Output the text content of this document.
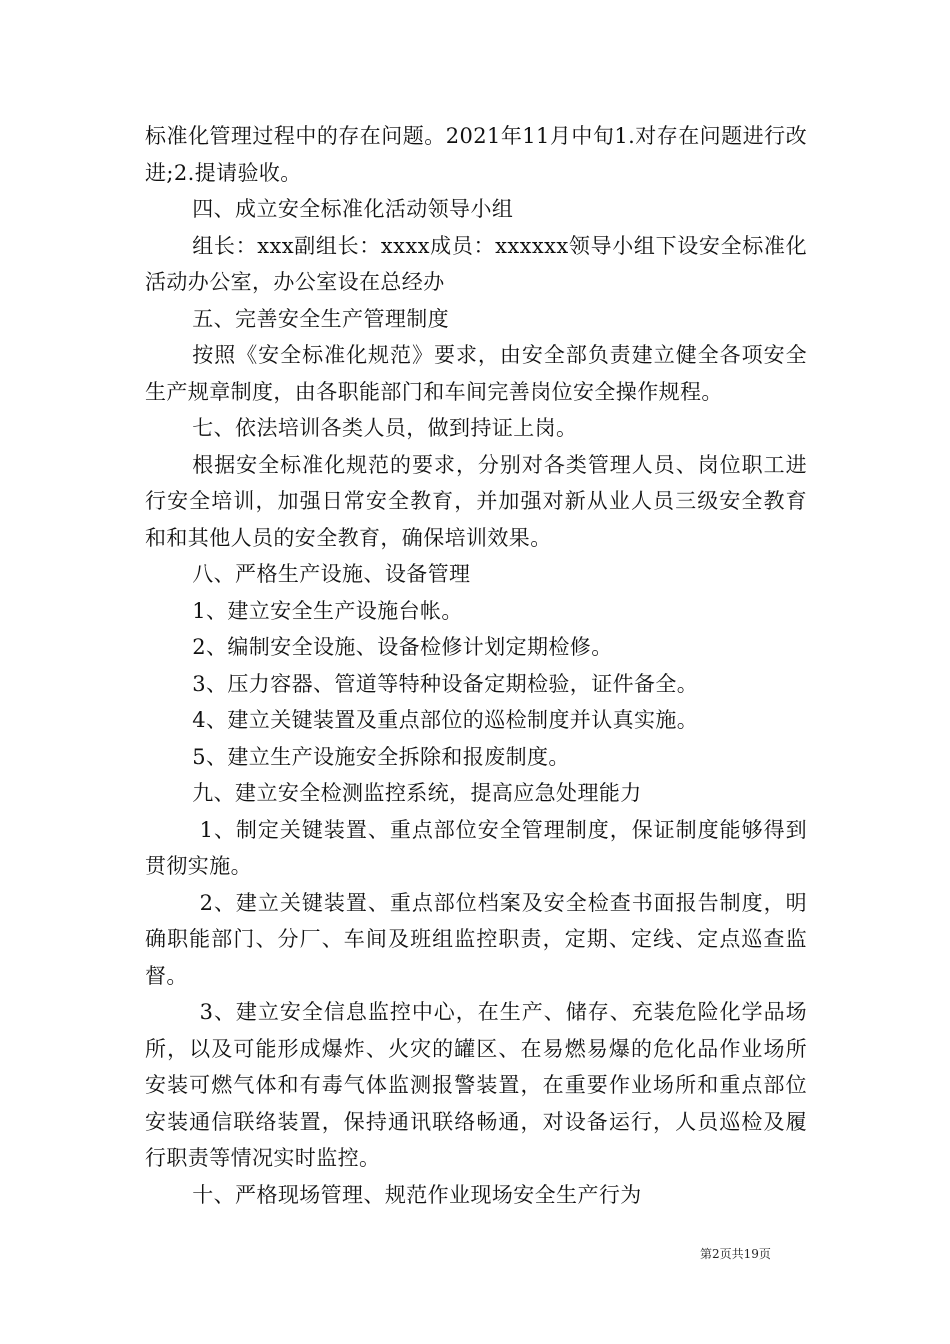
标准化管理过程中的存在问题。2021年11月中旬1.对存在问题进行改进;2.提请验收。

四、成立安全标准化活动领导小组

组长：xxx副组长：xxxx成员：xxxxxx领导小组下设安全标准化活动办公室，办公室设在总经办

五、完善安全生产管理制度

按照《安全标准化规范》要求，由安全部负责建立健全各项安全生产规章制度，由各职能部门和车间完善岗位安全操作规程。

七、依法培训各类人员，做到持证上岗。

根据安全标准化规范的要求，分别对各类管理人员、岗位职工进行安全培训，加强日常安全教育，并加强对新从业人员三级安全教育和和其他人员的安全教育，确保培训效果。

八、严格生产设施、设备管理

1、建立安全生产设施台帐。

2、编制安全设施、设备检修计划定期检修。

3、压力容器、管道等特种设备定期检验，证件备全。

4、建立关键装置及重点部位的巡检制度并认真实施。

5、建立生产设施安全拆除和报废制度。

九、建立安全检测监控系统，提高应急处理能力

1、制定关键装置、重点部位安全管理制度，保证制度能够得到贯彻实施。

2、建立关键装置、重点部位档案及安全检查书面报告制度，明确职能部门、分厂、车间及班组监控职责，定期、定线、定点巡查监督。

3、建立安全信息监控中心，在生产、储存、充装危险化学品场所，以及可能形成爆炸、火灾的罐区、在易燃易爆的危化品作业场所安装可燃气体和有毒气体监测报警装置，在重要作业场所和重点部位安装通信联络装置，保持通讯联络畅通，对设备运行，人员巡检及履行职责等情况实时监控。

十、严格现场管理、规范作业现场安全生产行为

第2页共19页
